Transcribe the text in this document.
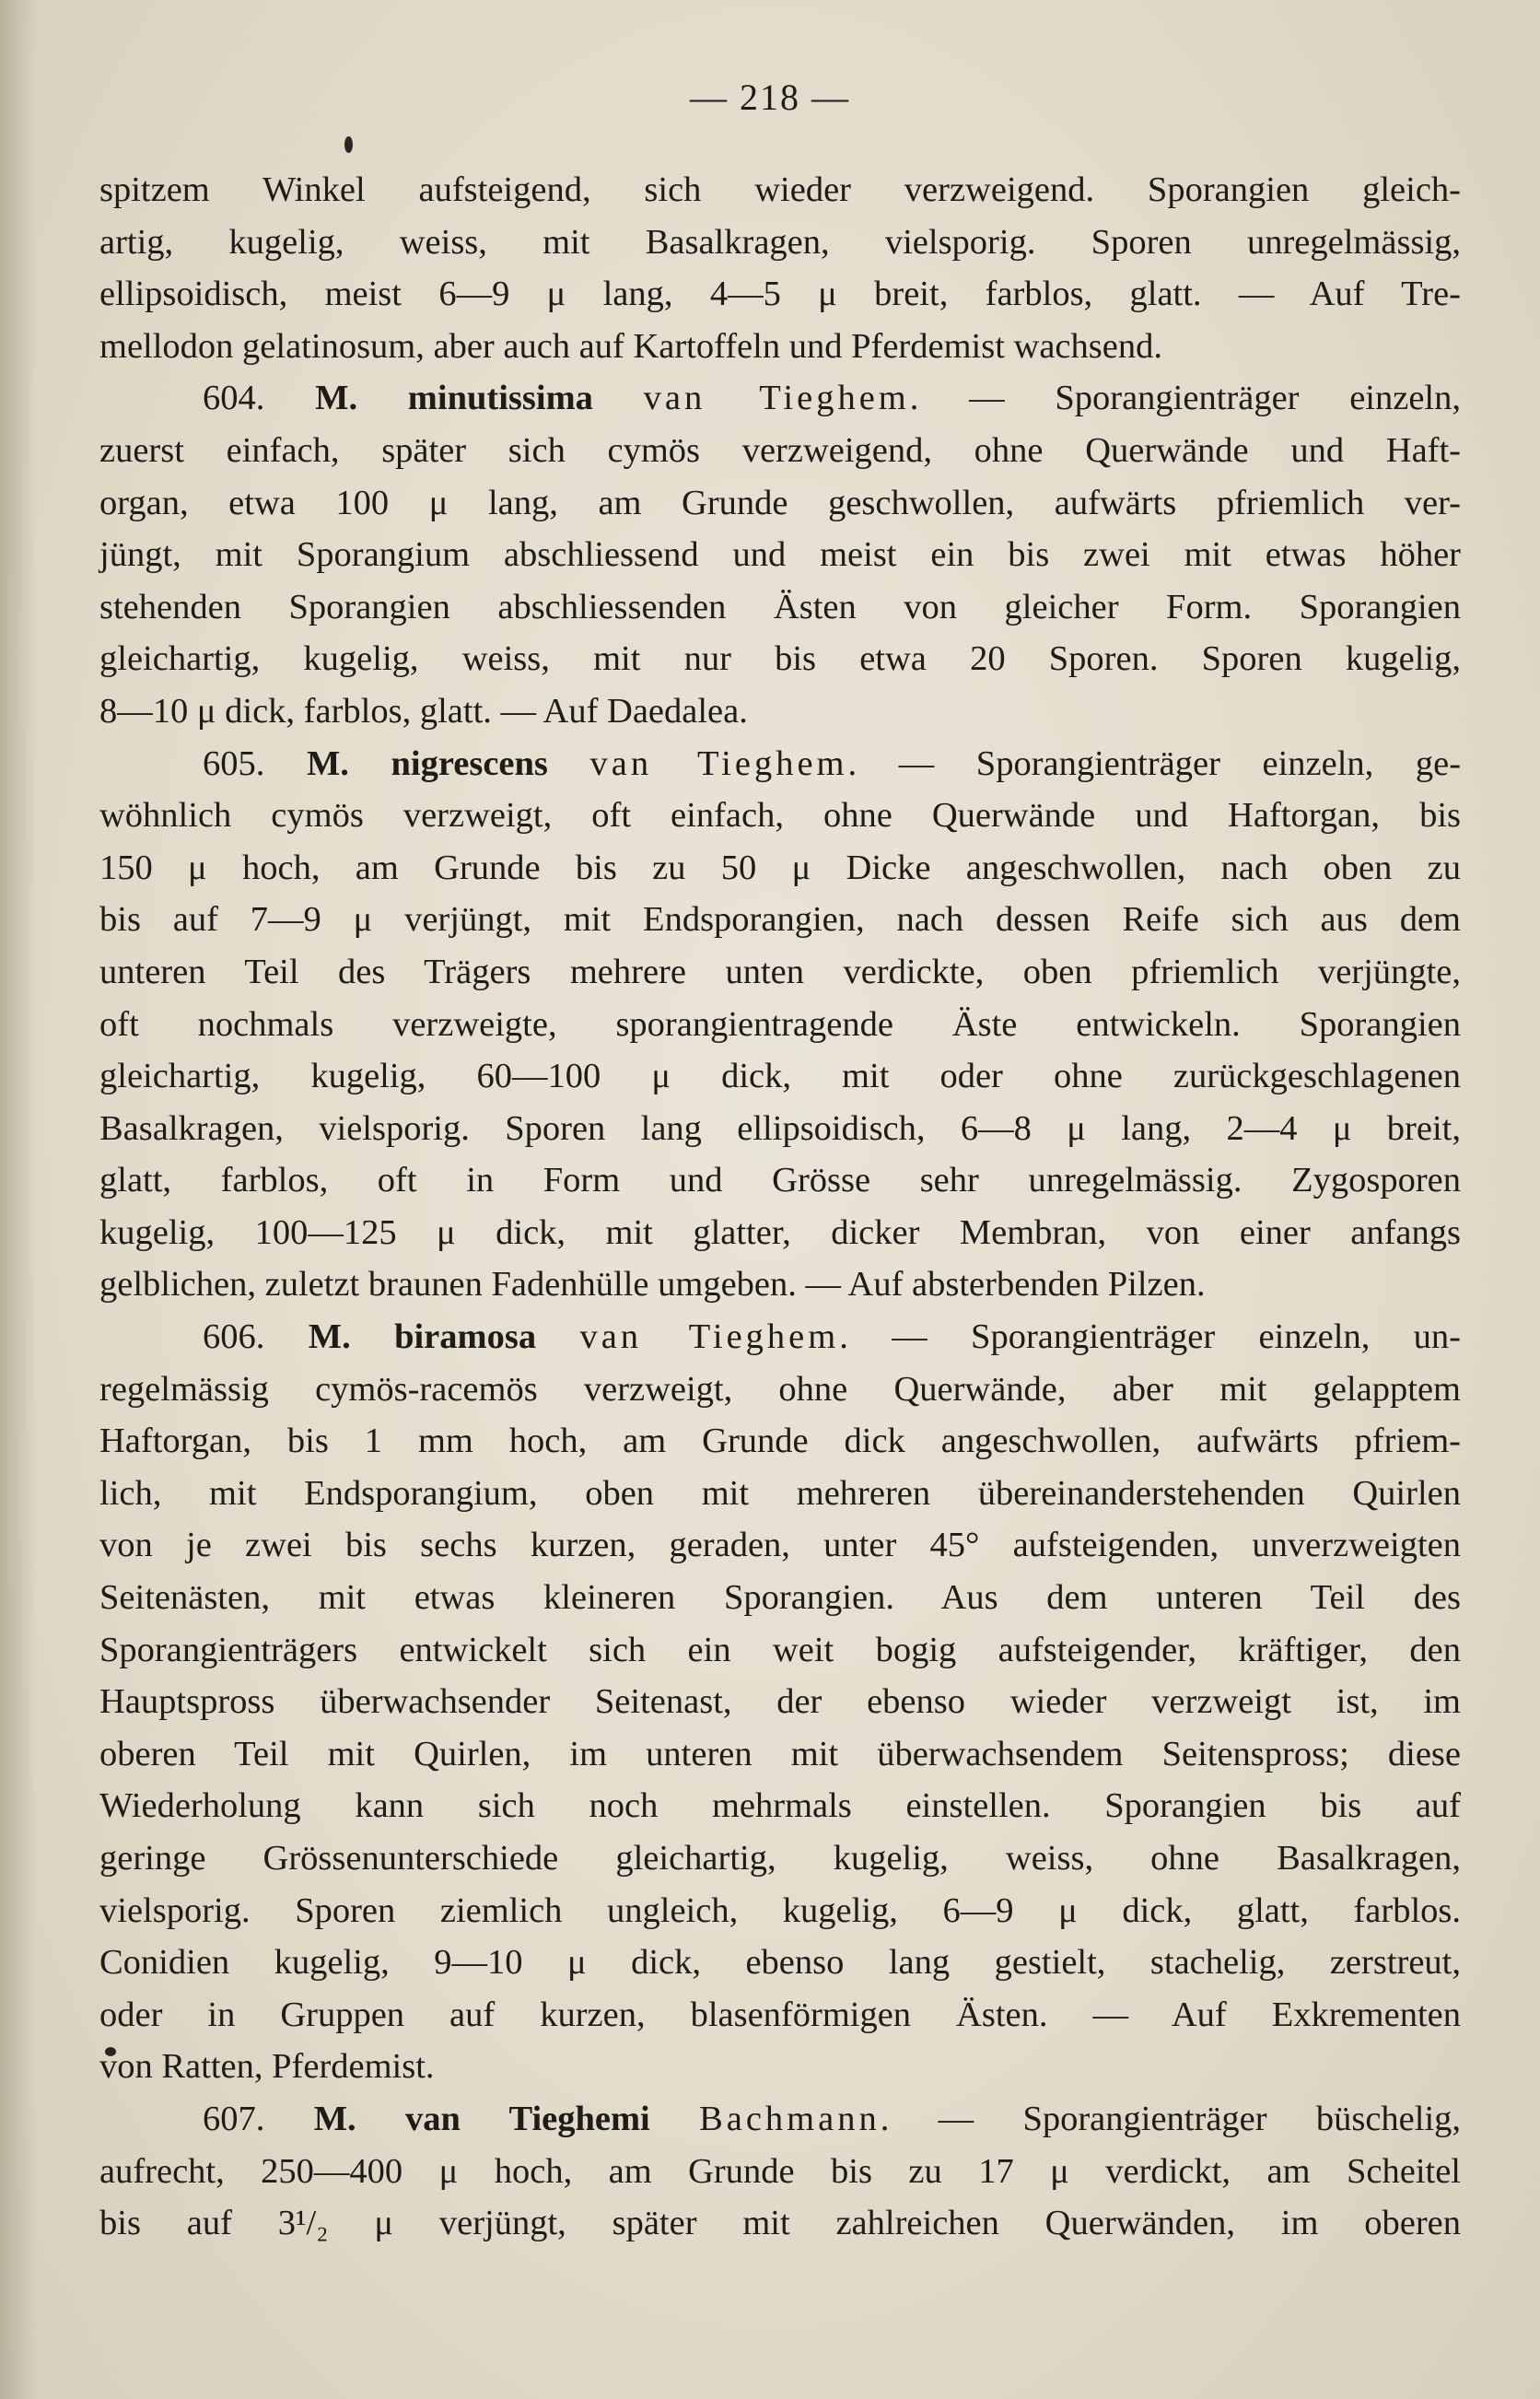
— 218 —
spitzem Winkel aufsteigend, sich wieder verzweigend. Sporangien gleich-
artig, kugelig, weiss, mit Basalkragen, vielsporig. Sporen unregelmässig,
ellipsoidisch, meist 6—9 μ lang, 4—5 μ breit, farblos, glatt. — Auf Tre-
mellodon gelatinosum, aber auch auf Kartoffeln und Pferdemist wachsend.
604. M. minutissima van Tieghem. — Sporangienträger einzeln,
zuerst einfach, später sich cymös verzweigend, ohne Querwände und Haft-
organ, etwa 100 μ lang, am Grunde geschwollen, aufwärts pfriemlich ver-
jüngt, mit Sporangium abschliessend und meist ein bis zwei mit etwas höher
stehenden Sporangien abschliessenden Ästen von gleicher Form. Sporangien
gleichartig, kugelig, weiss, mit nur bis etwa 20 Sporen. Sporen kugelig,
8—10 μ dick, farblos, glatt. — Auf Daedalea.
605. M. nigrescens van Tieghem. — Sporangienträger einzeln, ge-
wöhnlich cymös verzweigt, oft einfach, ohne Querwände und Haftorgan, bis
150 μ hoch, am Grunde bis zu 50 μ Dicke angeschwollen, nach oben zu
bis auf 7—9 μ verjüngt, mit Endsporangien, nach dessen Reife sich aus dem
unteren Teil des Trägers mehrere unten verdickte, oben pfriemlich verjüngte,
oft nochmals verzweigte, sporangientragende Äste entwickeln. Sporangien
gleichartig, kugelig, 60—100 μ dick, mit oder ohne zurückgeschlagenen
Basalkragen, vielsporig. Sporen lang ellipsoidisch, 6—8 μ lang, 2—4 μ breit,
glatt, farblos, oft in Form und Grösse sehr unregelmässig. Zygosporen
kugelig, 100—125 μ dick, mit glatter, dicker Membran, von einer anfangs
gelblichen, zuletzt braunen Fadenhülle umgeben. — Auf absterbenden Pilzen.
606. M. biramosa van Tieghem. — Sporangienträger einzeln, un-
regelmässig cymös-racemös verzweigt, ohne Querwände, aber mit gelapptem
Haftorgan, bis 1 mm hoch, am Grunde dick angeschwollen, aufwärts pfriem-
lich, mit Endsporangium, oben mit mehreren übereinanderstehenden Quirlen
von je zwei bis sechs kurzen, geraden, unter 45° aufsteigenden, unverzweigten
Seitenästen, mit etwas kleineren Sporangien. Aus dem unteren Teil des
Sporangienträgers entwickelt sich ein weit bogig aufsteigender, kräftiger, den
Hauptspross überwachsender Seitenast, der ebenso wieder verzweigt ist, im
oberen Teil mit Quirlen, im unteren mit überwachsendem Seitenspross; diese
Wiederholung kann sich noch mehrmals einstellen. Sporangien bis auf
geringe Grössenunterschiede gleichartig, kugelig, weiss, ohne Basalkragen,
vielsporig. Sporen ziemlich ungleich, kugelig, 6—9 μ dick, glatt, farblos.
Conidien kugelig, 9—10 μ dick, ebenso lang gestielt, stachelig, zerstreut,
oder in Gruppen auf kurzen, blasenförmigen Ästen. — Auf Exkrementen
von Ratten, Pferdemist.
607. M. van Tieghemi Bachmann. — Sporangienträger büschelig,
aufrecht, 250—400 μ hoch, am Grunde bis zu 17 μ verdickt, am Scheitel
bis auf 3¹/₂ μ verjüngt, später mit zahlreichen Querwänden, im oberen
